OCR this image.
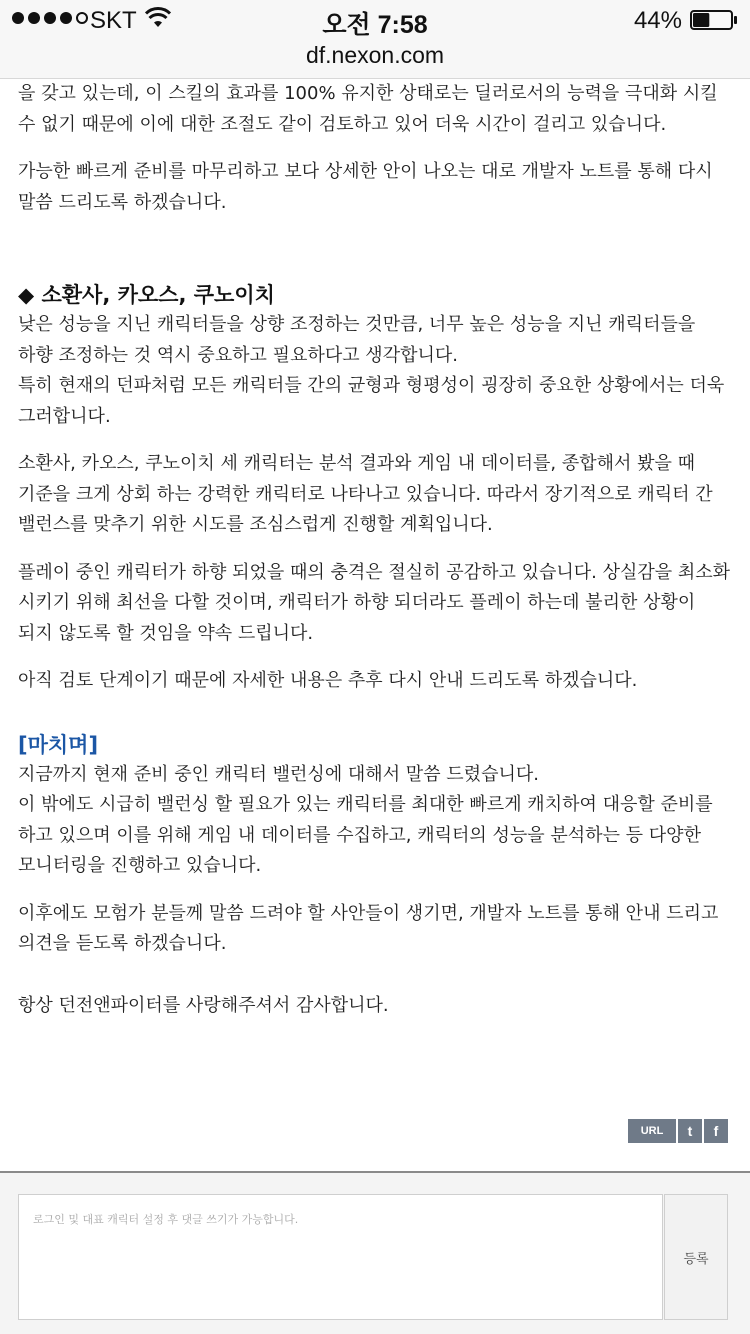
SKT	오전 7:58	44%
df.nexon.com

을 갖고 있는데, 이 스킬의 효과를 100% 유지한 상태로는 딜러로서의 능력을 극대화 시킬 수 없기 때문에 이에 대한 조절도 같이 검토하고 있어 더욱 시간이 걸리고 있습니다.

가능한 빠르게 준비를 마무리하고 보다 상세한 안이 나오는 대로 개발자 노트를 통해 다시 말씀 드리도록 하겠습니다.

◆ 소환사, 카오스, 쿠노이치

낮은 성능을 지닌 캐릭터들을 상향 조정하는 것만큼, 너무 높은 성능을 지닌 캐릭터들을 하향 조정하는 것 역시 중요하고 필요하다고 생각합니다.

특히 현재의 던파처럼 모든 캐릭터들 간의 균형과 형평성이 굉장히 중요한 상황에서는 더욱 그러합니다.

소환사, 카오스, 쿠노이치 세 캐릭터는 분석 결과와 게임 내 데이터를, 종합해서 봤을 때 기준을 크게 상회 하는 강력한 캐릭터로 나타나고 있습니다. 따라서 장기적으로 캐릭터 간 밸런스를 맞추기 위한 시도를 조심스럽게 진행할 계획입니다.

플레이 중인 캐릭터가 하향 되었을 때의 충격은 절실히 공감하고 있습니다. 상실감을 최소화 시키기 위해 최선을 다할 것이며, 캐릭터가 하향 되더라도 플레이 하는데 불리한 상황이 되지 않도록 할 것임을 약속 드립니다.

아직 검토 단계이기 때문에 자세한 내용은 추후 다시 안내 드리도록 하겠습니다.

[마치며]

지금까지 현재 준비 중인 캐릭터 밸런싱에 대해서 말씀 드렸습니다.

이 밖에도 시급히 밸런싱 할 필요가 있는 캐릭터를 최대한 빠르게 캐치하여 대응할 준비를 하고 있으며 이를 위해 게임 내 데이터를 수집하고, 캐릭터의 성능을 분석하는 등 다양한 모니터링을 진행하고 있습니다.

이후에도 모험가 분들께 말씀 드려야 할 사안들이 생기면, 개발자 노트를 통해 안내 드리고 의견을 듣도록 하겠습니다.

항상 던전앤파이터를 사랑해주셔서 감사합니다.

URL	t	f
로그인 및 대표 캐릭터 설정 후 댓글 쓰기가 가능합니다.
등록
